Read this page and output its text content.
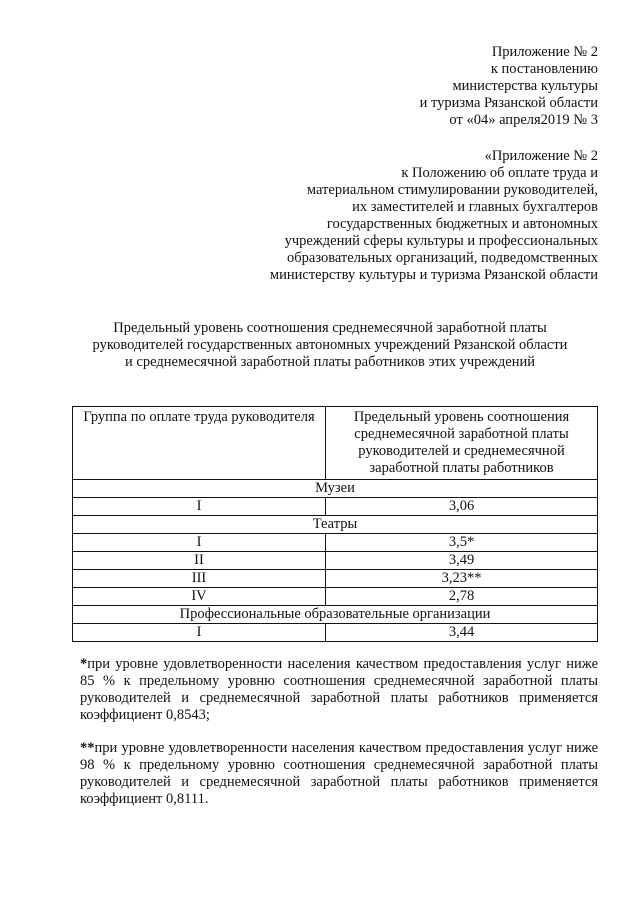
Приложение № 2
к постановлению
министерства культуры
и туризма Рязанской области
от «04» апреля2019 № 3
«Приложение № 2
к Положению об оплате труда и
материальном стимулировании руководителей,
их заместителей и главных бухгалтеров
государственных бюджетных и автономных
учреждений сферы культуры и профессиональных
образовательных организаций, подведомственных
министерству культуры и туризма Рязанской области
Предельный уровень соотношения среднемесячной заработной платы
руководителей государственных автономных учреждений Рязанской области
и среднемесячной заработной платы работников этих учреждений
Группа по оплате труда руководителя	Предельный уровень соотношения среднемесячной заработной платы руководителей и среднемесячной заработной платы работников
Музеи	
I	3,06
Театры	
I	3,5*
II	3,49
III	3,23**
IV	2,78
Профессиональные образовательные организации	
I	3,44

*при уровне удовлетворенности населения качеством предоставления услуг ниже 85 % к предельному уровню соотношения среднемесячной заработной платы руководителей и среднемесячной заработной платы работников применяется коэффициент 0,8543;

**при уровне удовлетворенности населения качеством предоставления услуг ниже 98 % к предельному уровню соотношения среднемесячной заработной платы руководителей и среднемесячной заработной платы работников применяется коэффициент 0,8111.
